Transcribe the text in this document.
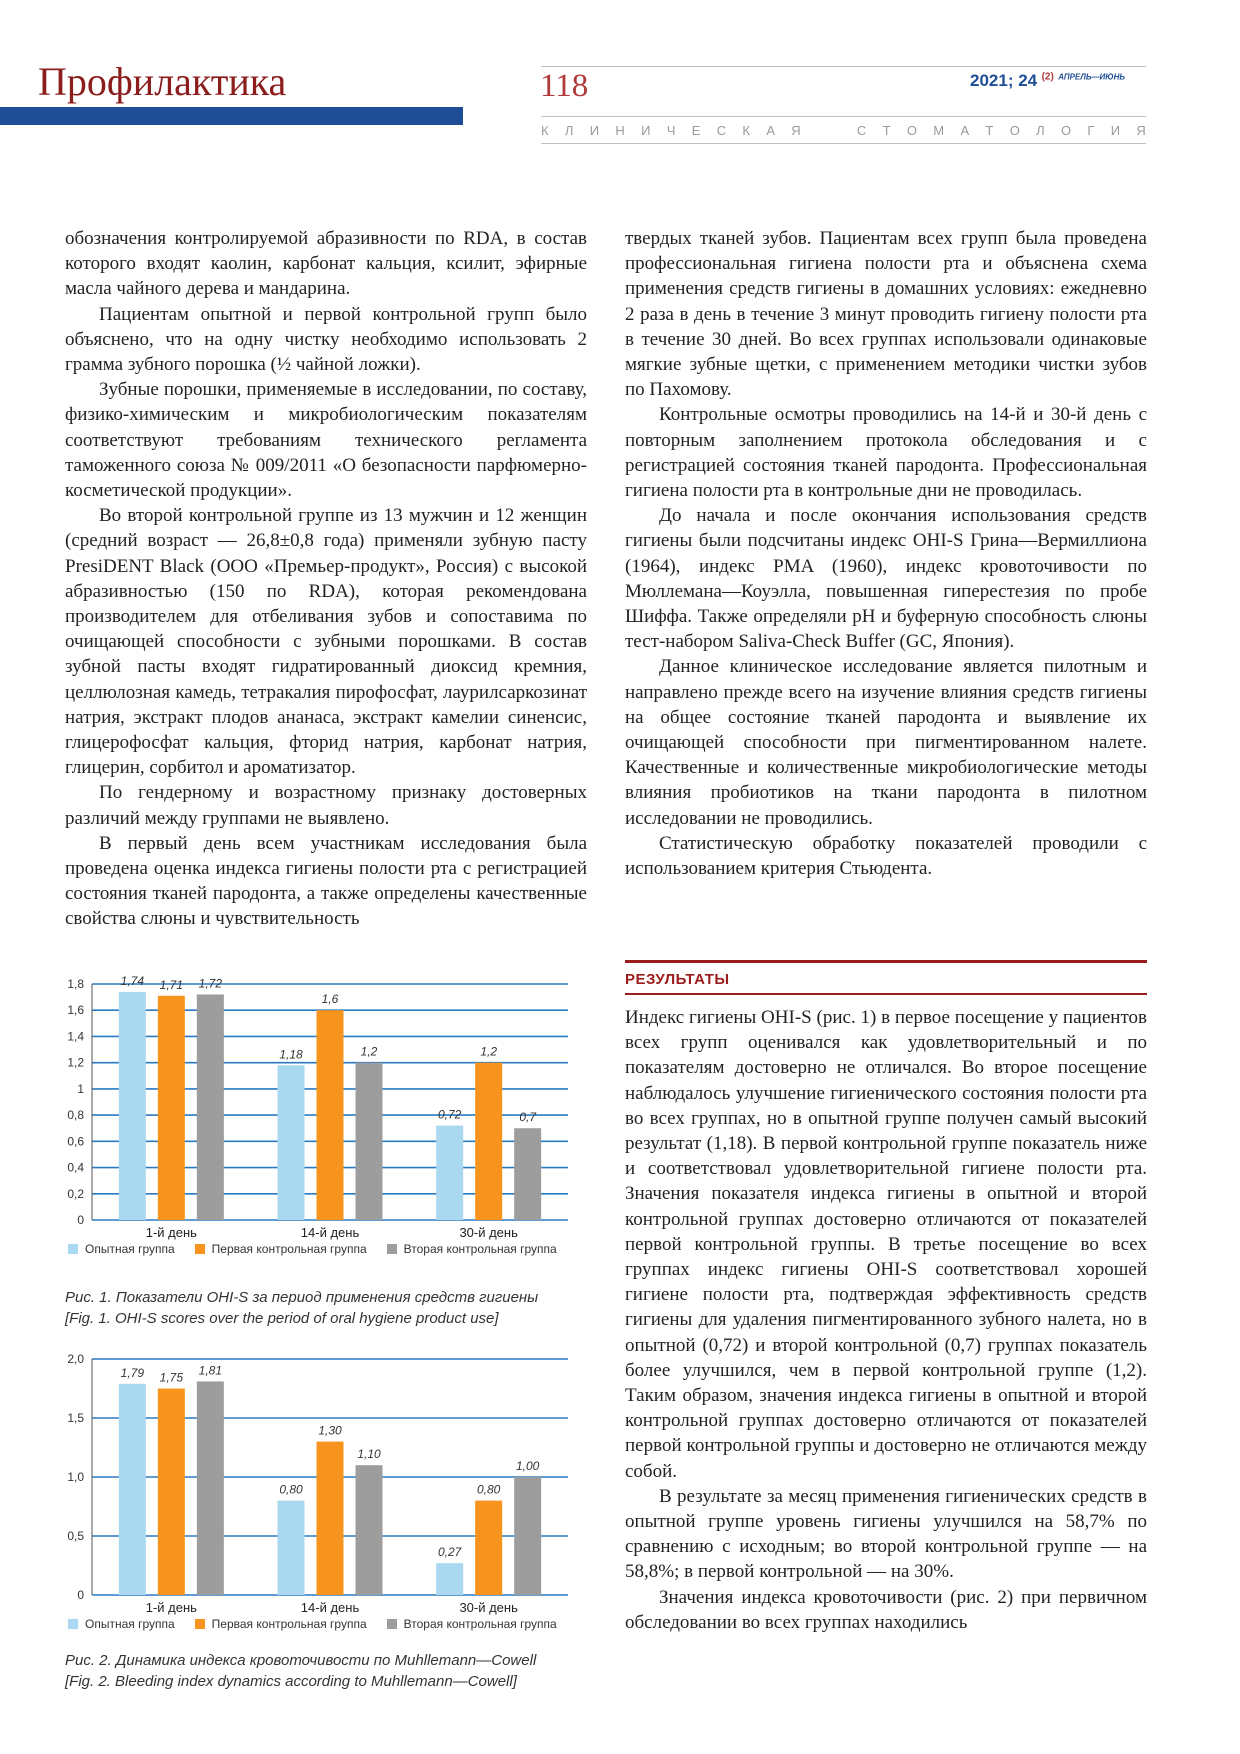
Профилактика	118	2021; 24 $^{(2)}$ $^{АПРЕЛЬ—ИЮНЬ}$
К Л И Н И Ч Е С К А Я

	С Т О М А Т О Л О Г И Я

обозначения контролируемой абразивности по RDA, в состав которого входят каолин, карбонат кальция, ксилит, эфирные масла чайного дерева и мандарина.

Пациентам опытной и первой контрольной групп было объяснено, что на одну чистку необходимо использовать 2 грамма зубного порошка (½ чайной ложки).

Зубные порошки, применяемые в исследовании, по составу, физико-химическим и микробиологическим показателям соответствуют требованиям технического регламента таможенного союза № 009/2011 «О безопасности парфюмерно-косметической продукции».

Во второй контрольной группе из 13 мужчин и 12 женщин (средний возраст — 26,8±0,8 года) применяли зубную пасту PresiDENT Black (ООО «Премьер-продукт», Россия) с высокой абразивностью (150 по RDA), которая рекомендована производителем для отбеливания зубов и сопоставима по очищающей способности с зубными порошками. В состав зубной пасты входят гидратированный диоксид кремния, целлюлозная камедь, тетракалия пирофосфат, лаурилсаркозинат натрия, экстракт плодов ананаса, экстракт камелии синенсис, глицерофосфат кальция, фторид натрия, карбонат натрия, глицерин, сорбитол и ароматизатор.

По гендерному и возрастному признаку достоверных различий между группами не выявлено.

В первый день всем участникам исследования была проведена оценка индекса гигиены полости рта с регистрацией состояния тканей пародонта, а также определены качественные свойства слюны и чувствительность

твердых тканей зубов. Пациентам всех групп была проведена профессиональная гигиена полости рта и объяснена схема применения средств гигиены в домашних условиях: ежедневно 2 раза в день в течение 3 минут проводить гигиену полости рта в течение 30 дней. Во всех группах использовали одинаковые мягкие зубные щетки, с применением методики чистки зубов по Пахомову.

Контрольные осмотры проводились на 14-й и 30-й день с повторным заполнением протокола обследования и с регистрацией состояния тканей пародонта. Профессиональная гигиена полости рта в контрольные дни не проводилась.

До начала и после окончания использования средств гигиены были подсчитаны индекс OHI-S Грина—Вермиллиона (1964), индекс PMA (1960), индекс кровоточивости по Мюллемана—Коуэлла, повышенная гиперестезия по пробе Шиффа. Также определяли pH и буферную способность слюны тест-набором Saliva-Check Buffer (GC, Япония).

Данное клиническое исследование является пилотным и направлено прежде всего на изучение влияния средств гигиены на общее состояние тканей пародонта и выявление их очищающей способности при пигментированном налете. Качественные и количественные микробиологические методы влияния пробиотиков на ткани пародонта в пилотном исследовании не проводились.

Статистическую обработку показателей проводили с использованием критерия Стьюдента.

РЕЗУЛЬТАТЫ

Индекс гигиены OHI-S (рис. 1) в первое посещение у пациентов всех групп оценивался как удовлетворительный и по показателям достоверно не отличался. Во второе посещение наблюдалось улучшение гигиенического состояния полости рта во всех группах, но в опытной группе получен самый высокий результат (1,18). В первой контрольной группе показатель ниже и соответствовал удовлетворительной гигиене полости рта. Значения показателя индекса гигиены в опытной и второй контрольной группах достоверно отличаются от показателей первой контрольной группы. В третье посещение во всех группах индекс гигиены OHI-S соответствовал хорошей гигиене полости рта, подтверждая эффективность средств гигиены для удаления пигментированного зубного налета, но в опытной (0,72) и второй контрольной (0,7) группах показатель более улучшился, чем в первой контрольной группе (1,2). Таким образом, значения индекса гигиены в опытной и второй контрольной группах достоверно отличаются от показателей первой контрольной группы и достоверно не отличаются между собой.

В результате за месяц применения гигиенических средств в опытной группе уровень гигиены улучшился на 58,7% по сравнению с исходным; во второй контрольной группе — на 58,8%; в первой контрольной — на 30%.

Значения индекса кровоточивости (рис. 2) при первичном обследовании во всех группах находились

0
0,2
0,4
0,6
0,8
1
1,2
1,4
1,6
1,8	1,74 1,71 1,72
1-й день
1,18
1,6
1,2
14-й день
0,72
1,2
0,7
30-й день
Опытная группа	Первая контрольная группа	Вторая контрольная группа
Рис. 1. Показатели OHI-S за период применения средств гигиены
[Fig. 1. OHI-S scores over the period of oral hygiene product use]
0
0,5
1,0
1,5
2,0
1,79 1,75
1,81
1-й день
0,80
1,30
1,10
14-й день
0,27
0,80
1,00
30-й день
Опытная группа	Первая контрольная группа	Вторая контрольная группа
Рис. 2. Динамика индекса кровоточивости по Muhllemann—Cowell
[Fig. 2. Bleeding index dynamics according to Muhllemann—Cowell]
